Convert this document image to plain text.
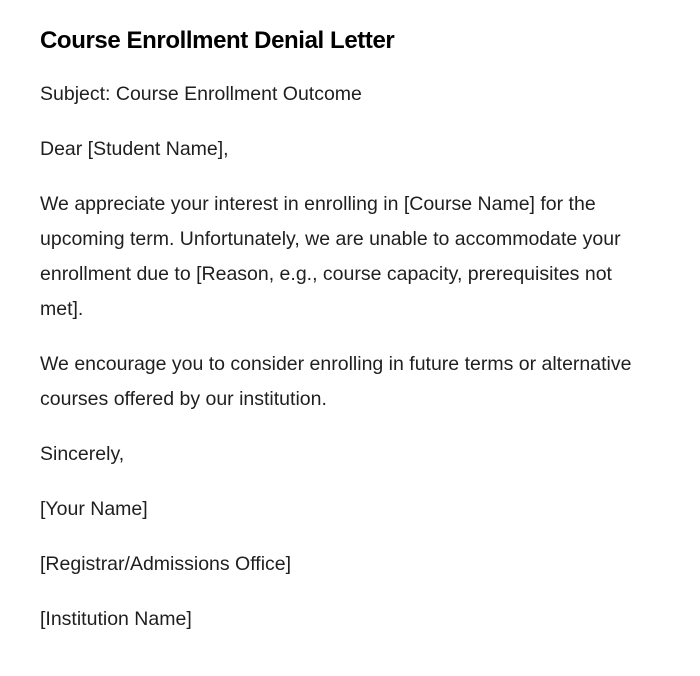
Course Enrollment Denial Letter

Subject: Course Enrollment Outcome

Dear [Student Name],

We appreciate your interest in enrolling in [Course Name] for the upcoming term. Unfortunately, we are unable to accommodate your enrollment due to [Reason, e.g., course capacity, prerequisites not met].

We encourage you to consider enrolling in future terms or alternative courses offered by our institution.

Sincerely,

[Your Name]

[Registrar/Admissions Office]

[Institution Name]
